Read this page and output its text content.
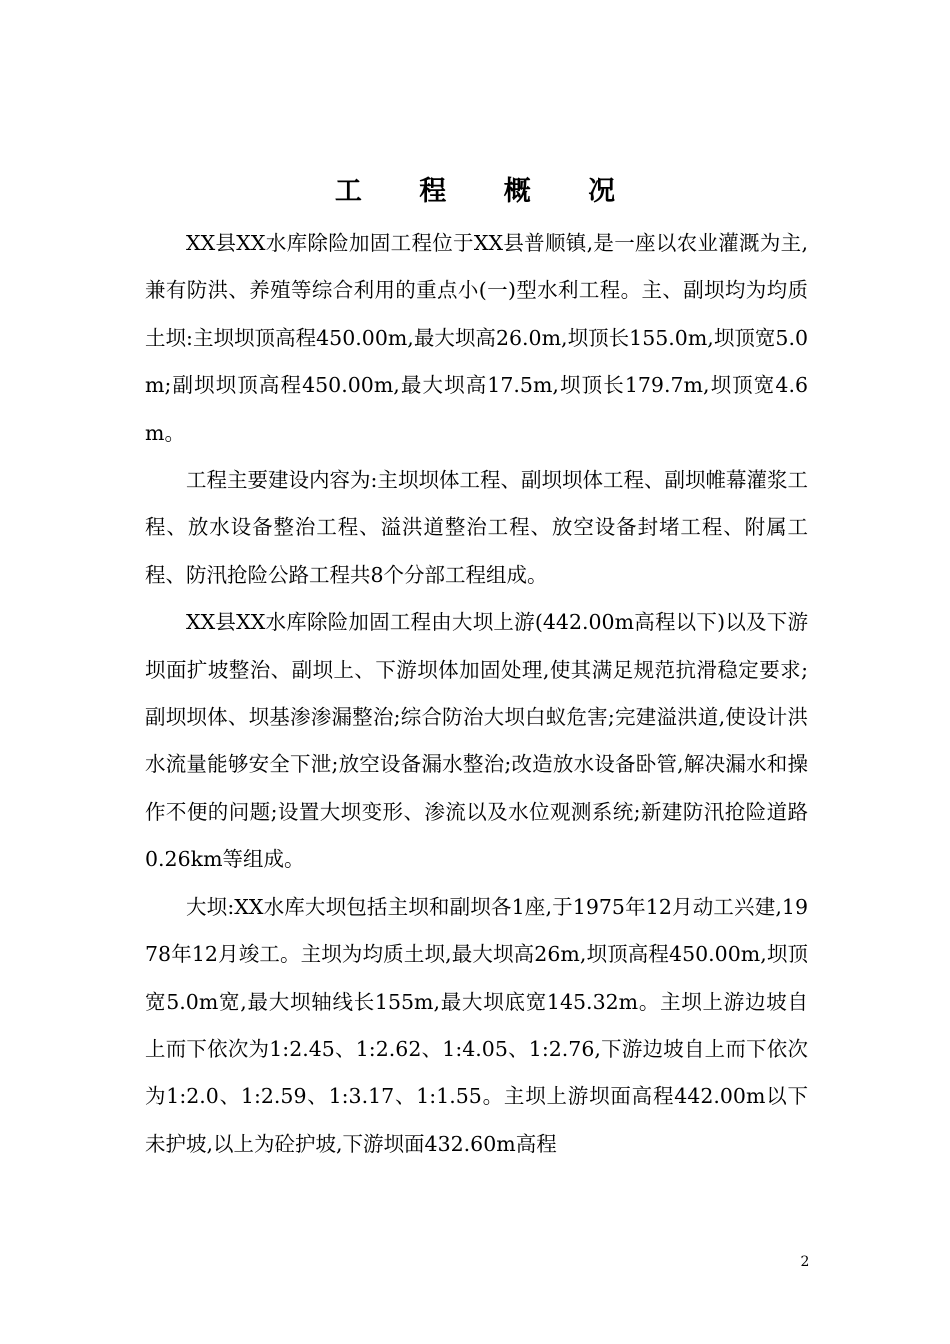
工 程 概 况

XX县XX水库除险加固工程位于XX县普顺镇,是一座以农业灌溉为主,兼有防洪、养殖等综合利用的重点小(一)型水利工程。主、副坝均为均质土坝:主坝坝顶高程450.00m,最大坝高26.0m,坝顶长155.0m,坝顶宽5.0m;副坝坝顶高程450.00m,最大坝高17.5m,坝顶长179.7m,坝顶宽4.6m。

工程主要建设内容为:主坝坝体工程、副坝坝体工程、副坝帷幕灌浆工程、放水设备整治工程、溢洪道整治工程、放空设备封堵工程、附属工程、防汛抢险公路工程共8个分部工程组成。

XX县XX水库除险加固工程由大坝上游(442.00m高程以下)以及下游坝面扩坡整治、副坝上、下游坝体加固处理,使其满足规范抗滑稳定要求;副坝坝体、坝基渗渗漏整治;综合防治大坝白蚁危害;完建溢洪道,使设计洪水流量能够安全下泄;放空设备漏水整治;改造放水设备卧管,解决漏水和操作不便的问题;设置大坝变形、渗流以及水位观测系统;新建防汛抢险道路0.26km等组成。

大坝:XX水库大坝包括主坝和副坝各1座,于1975年12月动工兴建,1978年12月竣工。主坝为均质土坝,最大坝高26m,坝顶高程450.00m,坝顶宽5.0m宽,最大坝轴线长155m,最大坝底宽145.32m。主坝上游边坡自上而下依次为1:2.45、1:2.62、1:4.05、1:2.76,下游边坡自上而下依次为1:2.0、1:2.59、1:3.17、1:1.55。主坝上游坝面高程442.00m以下未护坡,以上为砼护坡,下游坝面432.60m高程

2
